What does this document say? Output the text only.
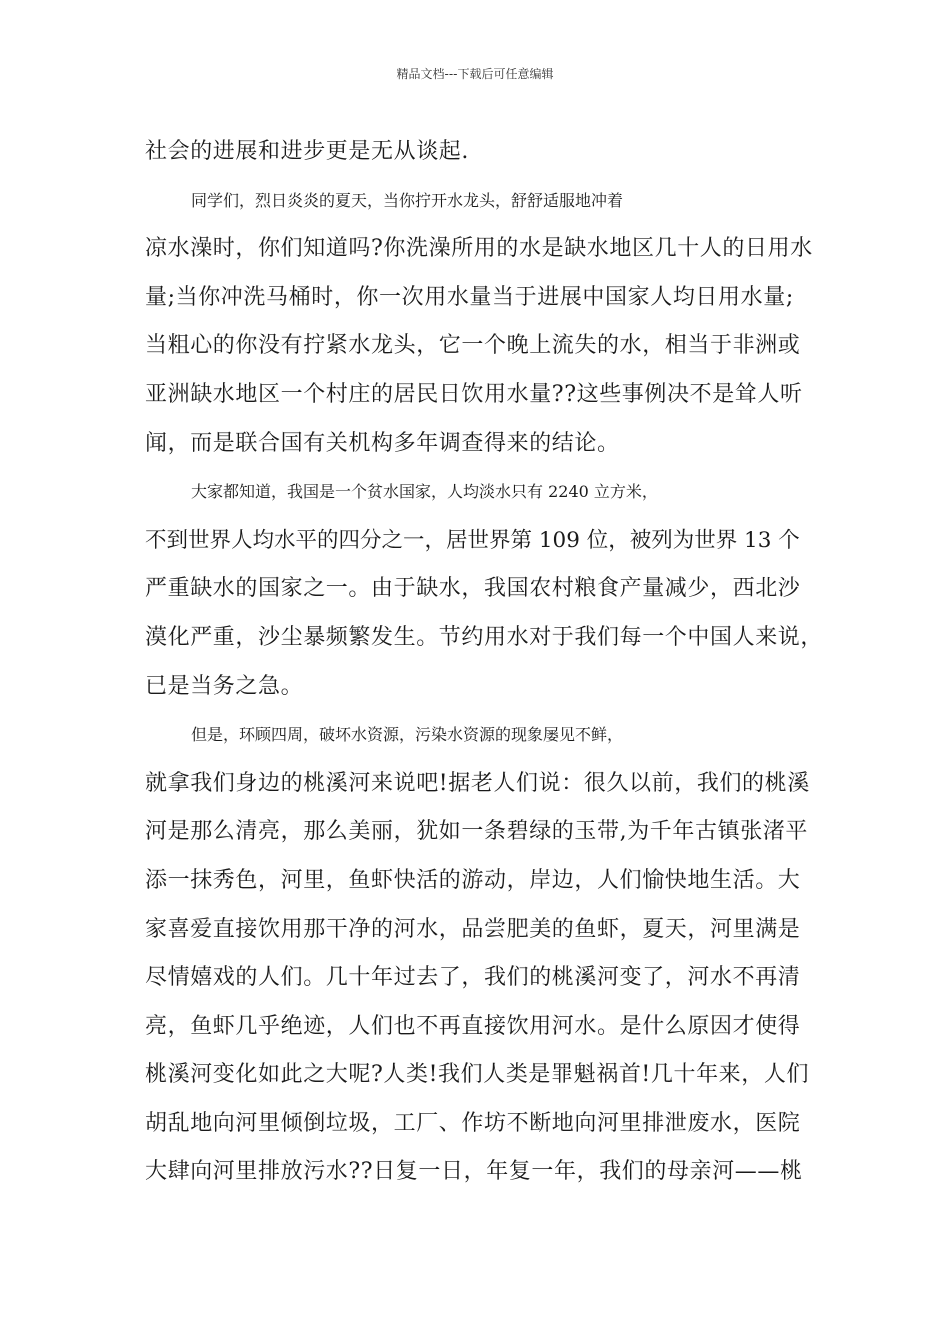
精品文档---下载后可任意编辑
社会的进展和进步更是无从谈起.
同学们，烈日炎炎的夏天，当你拧开水龙头，舒舒适服地冲着
凉水澡时，你们知道吗?你洗澡所用的水是缺水地区几十人的日用水
量;当你冲洗马桶时，你一次用水量当于进展中国家人均日用水量;
当粗心的你没有拧紧水龙头，它一个晚上流失的水，相当于非洲或
亚洲缺水地区一个村庄的居民日饮用水量??这些事例决不是耸人听
闻，而是联合国有关机构多年调查得来的结论。
大家都知道，我国是一个贫水国家，人均淡水只有 2240 立方米，
不到世界人均水平的四分之一，居世界第 109 位，被列为世界 13 个
严重缺水的国家之一。由于缺水，我国农村粮食产量减少，西北沙
漠化严重，沙尘暴频繁发生。节约用水对于我们每一个中国人来说，
已是当务之急。
但是，环顾四周，破坏水资源，污染水资源的现象屡见不鲜，
就拿我们身边的桃溪河来说吧!据老人们说：很久以前，我们的桃溪
河是那么清亮，那么美丽，犹如一条碧绿的玉带,为千年古镇张渚平
添一抹秀色，河里，鱼虾快活的游动，岸边，人们愉快地生活。大
家喜爱直接饮用那干净的河水，品尝肥美的鱼虾，夏天，河里满是
尽情嬉戏的人们。几十年过去了，我们的桃溪河变了，河水不再清
亮，鱼虾几乎绝迹，人们也不再直接饮用河水。是什么原因才使得
桃溪河变化如此之大呢?人类!我们人类是罪魁祸首!几十年来，人们
胡乱地向河里倾倒垃圾，工厂、作坊不断地向河里排泄废水，医院
大肆向河里排放污水??日复一日，年复一年，我们的母亲河——桃
